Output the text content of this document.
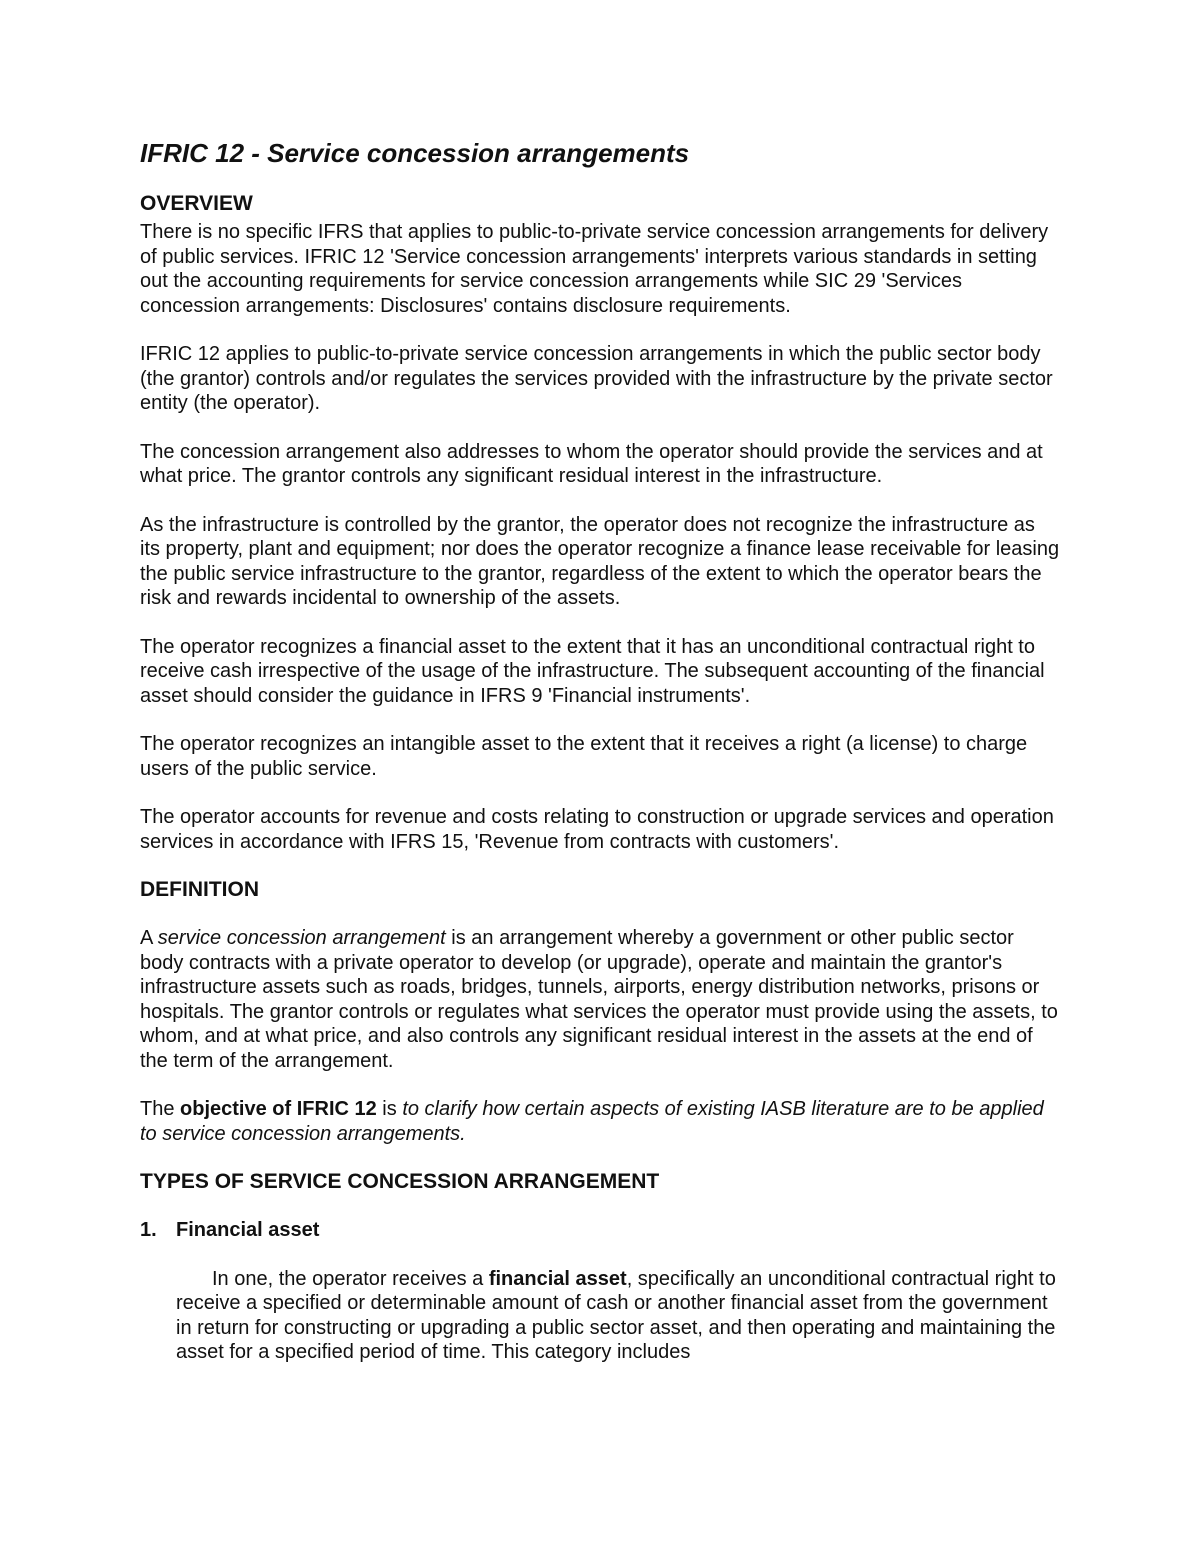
IFRIC 12 - Service concession arrangements
OVERVIEW

There is no specific IFRS that applies to public-to-private service concession arrangements for delivery of public services. IFRIC 12 'Service concession arrangements' interprets various standards in setting out the accounting requirements for service concession arrangements while SIC 29 'Services concession arrangements: Disclosures' contains disclosure requirements.

IFRIC 12 applies to public-to-private service concession arrangements in which the public sector body (the grantor) controls and/or regulates the services provided with the infrastructure by the private sector entity (the operator).

The concession arrangement also addresses to whom the operator should provide the services and at what price. The grantor controls any significant residual interest in the infrastructure.

As the infrastructure is controlled by the grantor, the operator does not recognize the infrastructure as its property, plant and equipment; nor does the operator recognize a finance lease receivable for leasing the public service infrastructure to the grantor, regardless of the extent to which the operator bears the risk and rewards incidental to ownership of the assets.

The operator recognizes a financial asset to the extent that it has an unconditional contractual right to receive cash irrespective of the usage of the infrastructure. The subsequent accounting of the financial asset should consider the guidance in IFRS 9 'Financial instruments'.

The operator recognizes an intangible asset to the extent that it receives a right (a license) to charge users of the public service.

The operator accounts for revenue and costs relating to construction or upgrade services and operation services in accordance with IFRS 15, 'Revenue from contracts with customers'.

DEFINITION

A service concession arrangement is an arrangement whereby a government or other public sector body contracts with a private operator to develop (or upgrade), operate and maintain the grantor's infrastructure assets such as roads, bridges, tunnels, airports, energy distribution networks, prisons or hospitals. The grantor controls or regulates what services the operator must provide using the assets, to whom, and at what price, and also controls any significant residual interest in the assets at the end of the term of the arrangement.

The objective of IFRIC 12 is to clarify how certain aspects of existing IASB literature are to be applied to service concession arrangements.

TYPES OF SERVICE CONCESSION ARRANGEMENT
1. Financial asset

In one, the operator receives a financial asset, specifically an unconditional contractual right to receive a specified or determinable amount of cash or another financial asset from the government in return for constructing or upgrading a public sector asset, and then operating and maintaining the asset for a specified period of time. This category includes
